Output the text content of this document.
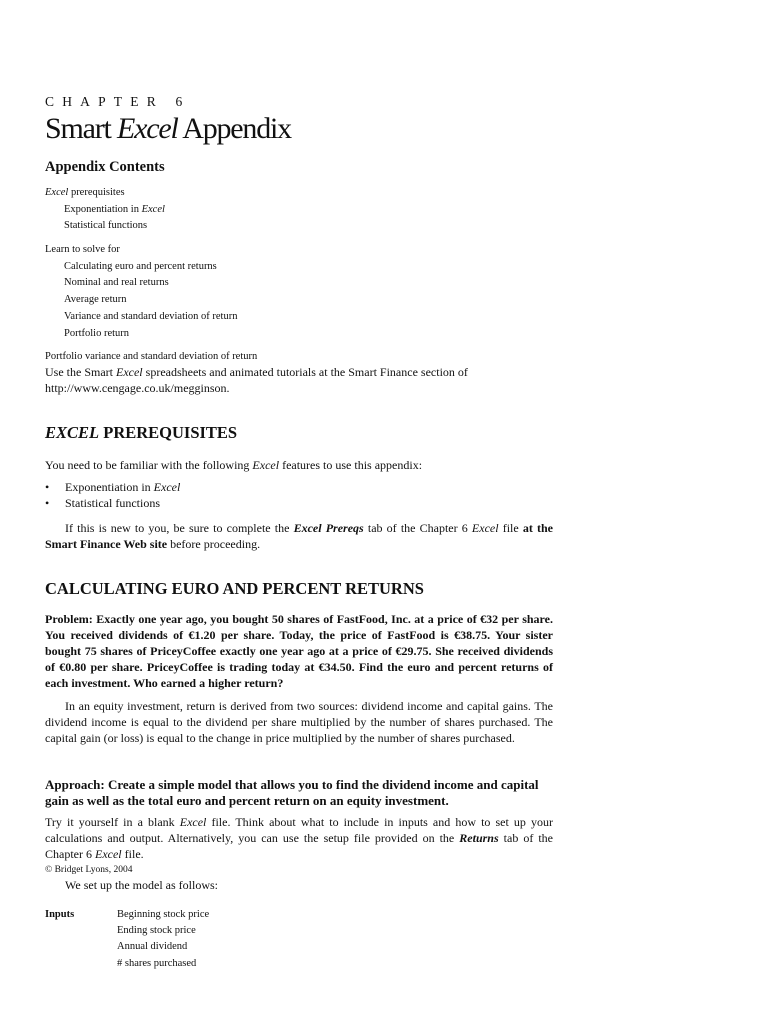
CHAPTER 6
Smart Excel Appendix
Appendix Contents
Excel prerequisites
Exponentiation in Excel
Statistical functions
Learn to solve for
Calculating euro and percent returns
Nominal and real returns
Average return
Variance and standard deviation of return
Portfolio return
Portfolio variance and standard deviation of return
Use the Smart Excel spreadsheets and animated tutorials at the Smart Finance section of
http://www.cengage.co.uk/megginson.
EXCEL PREREQUISITES
You need to be familiar with the following Excel features to use this appendix:
• Exponentiation in Excel
• Statistical functions
If this is new to you, be sure to complete the Excel Prereqs tab of the Chapter 6 Excel file at the Smart Finance Web site before proceeding.
CALCULATING EURO AND PERCENT RETURNS
Problem: Exactly one year ago, you bought 50 shares of FastFood, Inc. at a price of €32 per share. You received dividends of €1.20 per share. Today, the price of FastFood is €38.75. Your sister bought 75 shares of PriceyCoffee exactly one year ago at a price of €29.75. She received dividends of €0.80 per share. PriceyCoffee is trading today at €34.50. Find the euro and percent returns of each investment. Who earned a higher return?
In an equity investment, return is derived from two sources: dividend income and capital gains. The dividend income is equal to the dividend per share multiplied by the number of shares purchased. The capital gain (or loss) is equal to the change in price multiplied by the number of shares purchased.
Approach: Create a simple model that allows you to find the dividend income and capital gain as well as the total euro and percent return on an equity investment.
Try it yourself in a blank Excel file. Think about what to include in inputs and how to set up your calculations and output. Alternatively, you can use the setup file provided on the Returns tab of the Chapter 6 Excel file.
© Bridget Lyons, 2004
We set up the model as follows:
Inputs	Beginning stock price
Ending stock price
Annual dividend
# shares purchased
